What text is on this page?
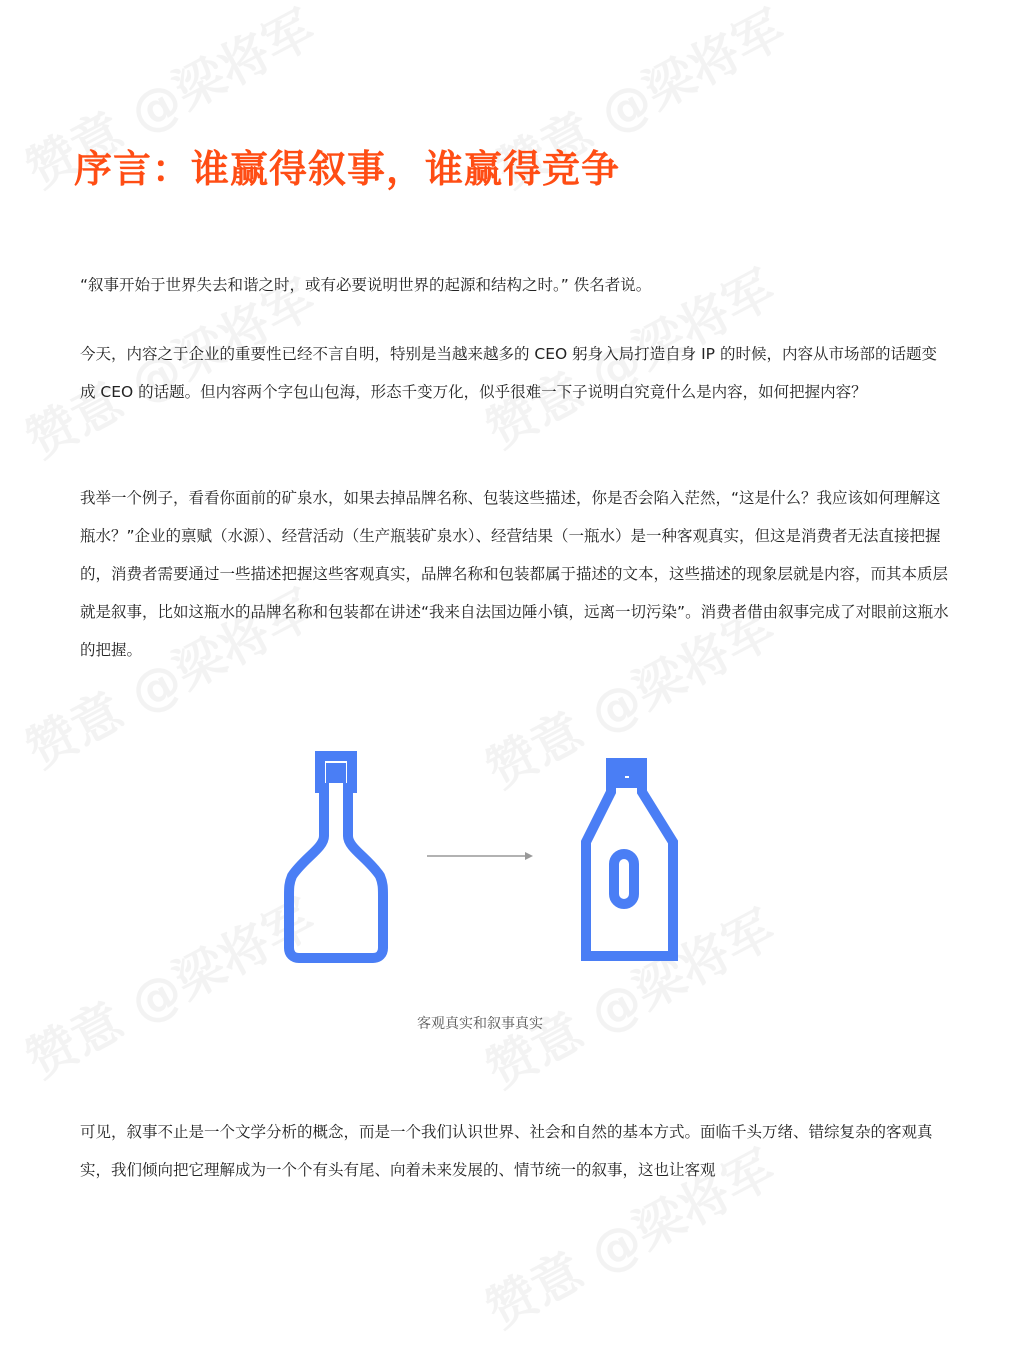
序言：谁赢得叙事，谁赢得竞争

“叙事开始于世界失去和谐之时，或有必要说明世界的起源和结构之时。” 佚名者说。

今天，内容之于企业的重要性已经不言自明，特别是当越来越多的 CEO 躬身入局打造自身 IP 的时候，内容从市场部的话题变成 CEO 的话题。但内容两个字包山包海，形态千变万化，似乎很难一下子说明白究竟什么是内容，如何把握内容？

我举一个例子，看看你面前的矿泉水，如果去掉品牌名称、包装这些描述，你是否会陷入茫然，“这是什么？我应该如何理解这瓶水？”企业的禀赋（水源）、经营活动（生产瓶装矿泉水）、经营结果（一瓶水）是一种客观真实，但这是消费者无法直接把握的，消费者需要通过一些描述把握这些客观真实，品牌名称和包装都属于描述的文本，这些描述的现象层就是内容，而其本质层就是叙事，比如这瓶水的品牌名称和包装都在讲述“我来自法国边陲小镇，远离一切污染”。消费者借由叙事完成了对眼前这瓶水的把握。

客观真实和叙事真实

可见，叙事不止是一个文学分析的概念，而是一个我们认识世界、社会和自然的基本方式。面临千头万绪、错综复杂的客观真实，我们倾向把它理解成为一个个有头有尾、向着未来发展的、情节统一的叙事，这也让客观
